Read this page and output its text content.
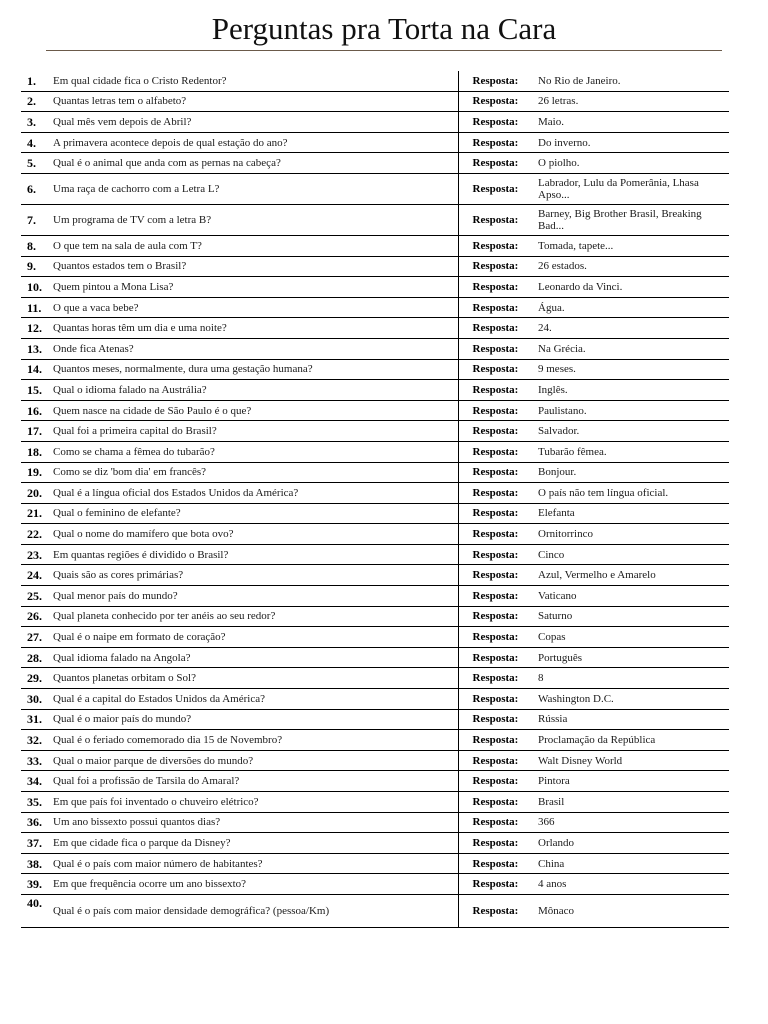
Perguntas pra Torta na Cara
1.	Em qual cidade fica o Cristo Redentor?	Resposta:	No Rio de Janeiro.
2.	Quantas letras tem o alfabeto?	Resposta:	26 letras.
3.	Qual mês vem depois de Abril?	Resposta:	Maio.
4.	A primavera acontece depois de qual estação do ano?	Resposta:	Do inverno.
5.	Qual é o animal que anda com as pernas na cabeça?	Resposta:	O piolho.
6.	Uma raça de cachorro com a Letra L?	Resposta:	Labrador, Lulu da Pomerânia, Lhasa Apso...
7.	Um programa de TV com a letra B?	Resposta:	Barney, Big Brother Brasil, Breaking Bad...
8.	O que tem na sala de aula com T?	Resposta:	Tomada, tapete...
9.	Quantos estados tem o Brasil?	Resposta:	26 estados.
10.	Quem pintou a Mona Lisa?	Resposta:	Leonardo da Vinci.
11.	O que a vaca bebe?	Resposta:	Água.
12.	Quantas horas têm um dia e uma noite?	Resposta:	24.
13.	Onde fica Atenas?	Resposta:	Na Grécia.
14.	Quantos meses, normalmente, dura uma gestação humana?	Resposta:	9 meses.
15.	Qual o idioma falado na Austrália?	Resposta:	Inglês.
16.	Quem nasce na cidade de São Paulo é o que?	Resposta:	Paulistano.
17.	Qual foi a primeira capital do Brasil?	Resposta:	Salvador.
18.	Como se chama a fêmea do tubarão?	Resposta:	Tubarão fêmea.
19.	Como se diz 'bom dia' em francês?	Resposta:	Bonjour.
20.	Qual é a língua oficial dos Estados Unidos da América?	Resposta:	O país não tem língua oficial.
21.	Qual o feminino de elefante?	Resposta:	Elefanta
22.	Qual o nome do mamífero que bota ovo?	Resposta:	Ornitorrinco
23.	Em quantas regiões é dividido o Brasil?	Resposta:	Cinco
24.	Quais são as cores primárias?	Resposta:	Azul, Vermelho e Amarelo
25.	Qual menor país do mundo?	Resposta:	Vaticano
26.	Qual planeta conhecido por ter anéis ao seu redor?	Resposta:	Saturno
27.	Qual é o naipe em formato de coração?	Resposta:	Copas
28.	Qual idioma falado na Angola?	Resposta:	Português
29.	Quantos planetas orbitam o Sol?	Resposta:	8
30.	Qual é a capital do Estados Unidos da América?	Resposta:	Washington D.C.
31.	Qual é o maior país do mundo?	Resposta:	Rússia
32.	Qual é o feriado comemorado dia 15 de Novembro?	Resposta:	Proclamação da República
33.	Qual o maior parque de diversões do mundo?	Resposta:	Walt Disney World
34.	Qual foi a profissão de Tarsila do Amaral?	Resposta:	Pintora
35.	Em que país foi inventado o chuveiro elétrico?	Resposta:	Brasil
36.	Um ano bissexto possui quantos dias?	Resposta:	366
37.	Em que cidade fica o parque da Disney?	Resposta:	Orlando
38.	Qual é o país com maior número de habitantes?	Resposta:	China
39.	Em que frequência ocorre um ano bissexto?	Resposta:	4 anos
40.	Qual é o país com maior densidade demográfica? (pessoa/Km)	Resposta:	Mônaco
